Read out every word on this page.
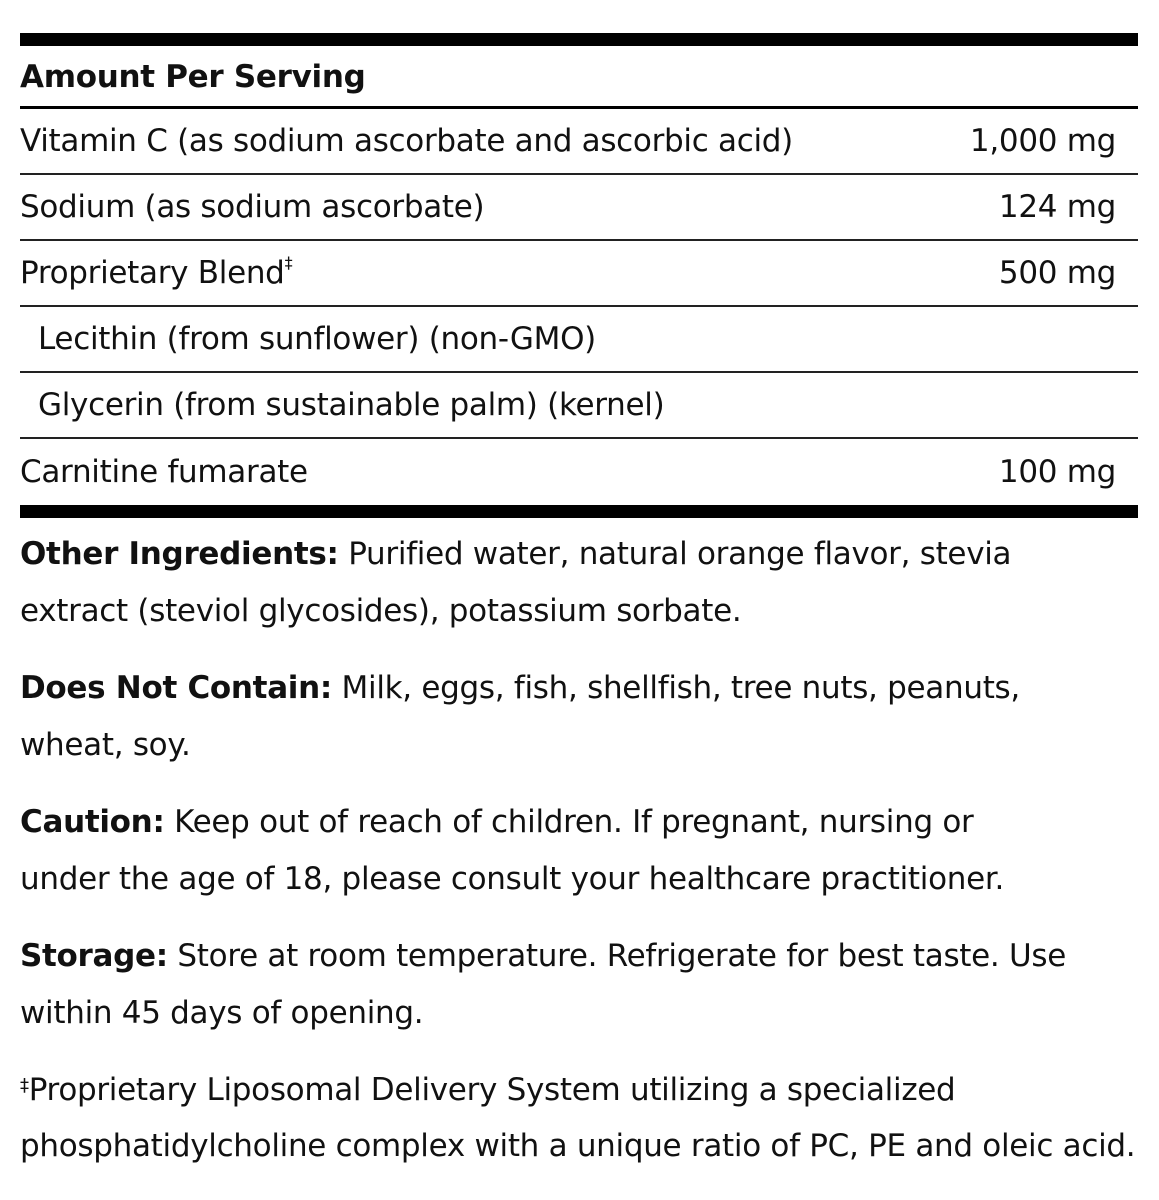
Amount Per Serving
Vitamin C (as sodium ascorbate and ascorbic acid)	1,000 mg
Sodium (as sodium ascorbate)	124 mg
Proprietary Blend‡	500 mg
Lecithin (from sunflower) (non-GMO)
Glycerin (from sustainable palm) (kernel)
Carnitine fumarate	100 mg
Other Ingredients: Purified water, natural orange flavor, stevia extract (steviol glycosides), potassium sorbate.
Does Not Contain: Milk, eggs, fish, shellfish, tree nuts, peanuts, wheat, soy.
Caution: Keep out of reach of children. If pregnant, nursing or under the age of 18, please consult your healthcare practitioner.
Storage: Store at room temperature. Refrigerate for best taste. Use within 45 days of opening.
‡Proprietary Liposomal Delivery System utilizing a specialized phosphatidylcholine complex with a unique ratio of PC, PE and oleic acid.
